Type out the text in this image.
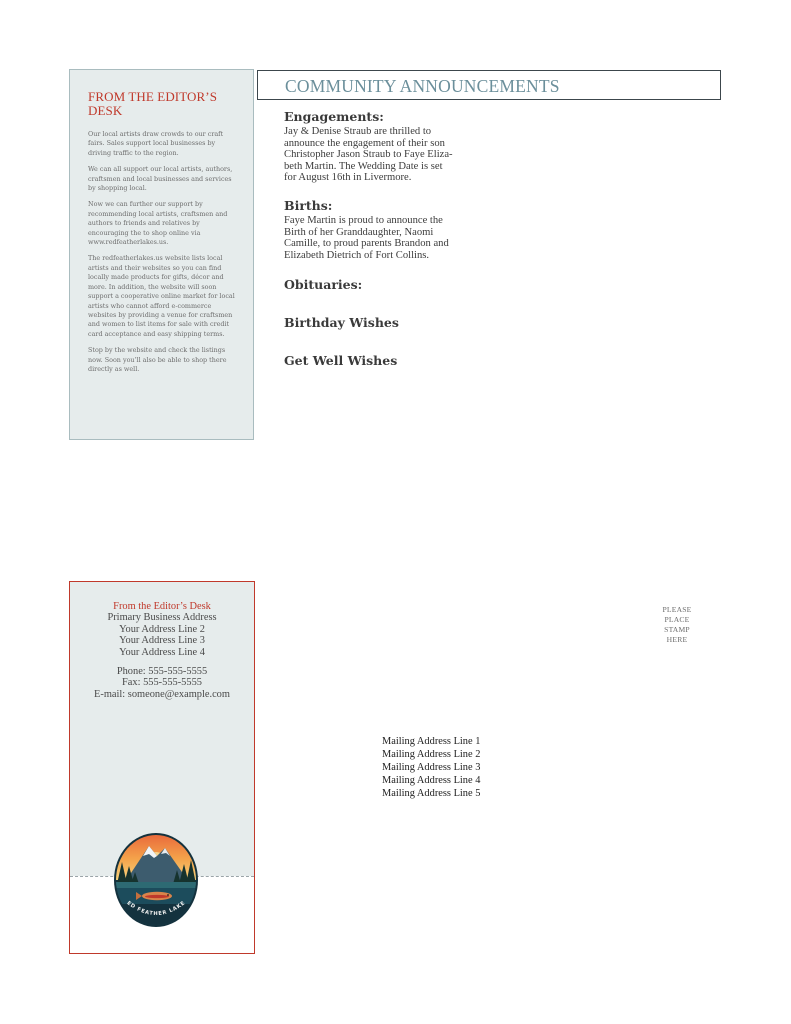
FROM THE EDITOR’S DESK

Our local artists draw crowds to our craft fairs. Sales support local businesses by driving traffic to the region.

We can all support our local artists, authors, craftsmen and local businesses and services by shopping local.

Now we can further our support by recommending local artists, craftsmen and authors to friends and relatives by encouraging the to shop online via www.redfeatherlakes.us.

The redfeatherlakes.us website lists local artists and their websites so you can find locally made products for gifts, décor and more. In addition, the website will soon support a cooperative online market for local artists who cannot afford e-commerce websites by providing a venue for craftsmen and women to list items for sale with credit card acceptance and easy shipping terms.

Stop by the website and check the listings now. Soon you’ll also be able to shop there directly as well.

COMMUNITY ANNOUNCEMENTS
Engagements:
Jay & Denise Straub are thrilled to
announce the engagement of their son
Christopher Jason Straub to Faye Eliza-
beth Martin. The Wedding Date is set
for August 16th in Livermore.
Births:
Faye Martin is proud to announce the
Birth of her Granddaughter, Naomi
Camille, to proud parents Brandon and
Elizabeth Dietrich of Fort Collins.
Obituaries:
Birthday Wishes
Get Well Wishes
From the Editor’s Desk
Primary Business Address
Your Address Line 2
Your Address Line 3
Your Address Line 4
Phone: 555-555-5555
Fax: 555-555-5555
E-mail: someone@example.com
ED FEATHER LAKE
PLEASE
PLACE
STAMP
HERE
Mailing Address Line 1
Mailing Address Line 2
Mailing Address Line 3
Mailing Address Line 4
Mailing Address Line 5
